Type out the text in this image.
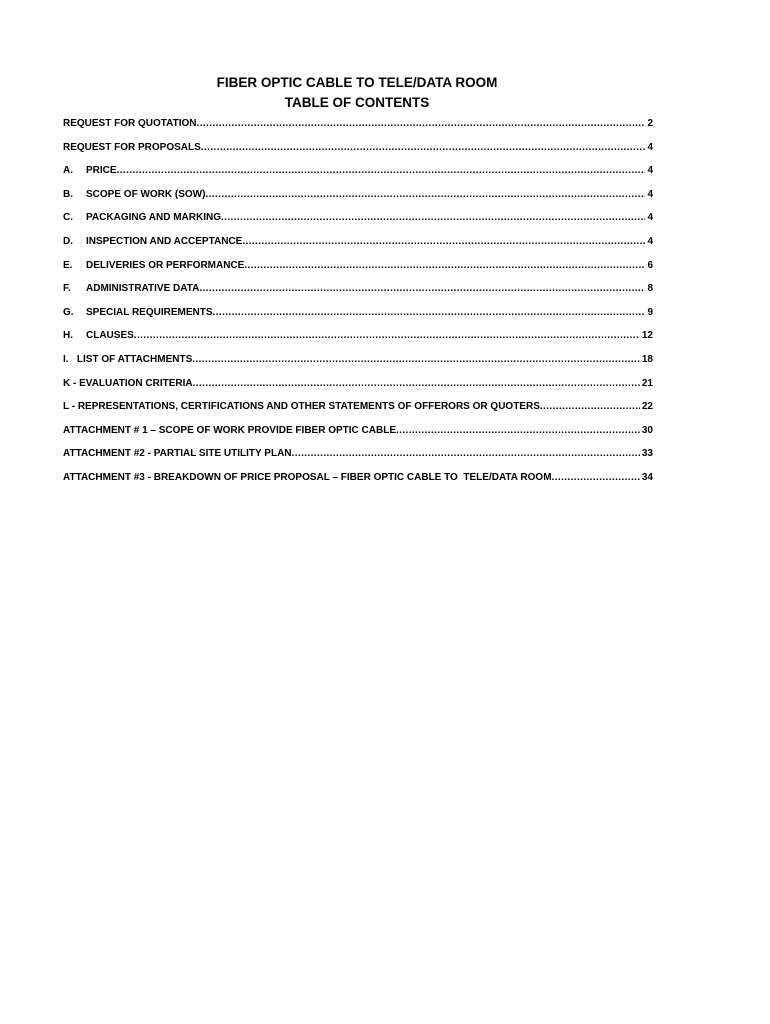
FIBER OPTIC CABLE TO TELE/DATA ROOM
TABLE OF CONTENTS
REQUEST FOR QUOTATION .....	2
REQUEST FOR PROPOSALS .....	4
A.	PRICE .....	4
B.	SCOPE OF WORK (SOW) .....	4
C.	PACKAGING AND MARKING .....	4
D.	INSPECTION AND ACCEPTANCE .....	4
E.	DELIVERIES OR PERFORMANCE .....	6
F.	ADMINISTRATIVE DATA .....	8
G.	SPECIAL REQUIREMENTS .....	9
H.	CLAUSES .....	12
I.   LIST OF ATTACHMENTS .....	18
K - EVALUATION CRITERIA .....	21
L - REPRESENTATIONS, CERTIFICATIONS AND OTHER STATEMENTS OF OFFERORS OR QUOTERS .....	22
ATTACHMENT # 1 – SCOPE OF WORK PROVIDE FIBER OPTIC CABLE .....	30
ATTACHMENT #2 - PARTIAL SITE UTILITY PLAN .....	33
ATTACHMENT #3 - BREAKDOWN OF PRICE PROPOSAL – FIBER OPTIC CABLE TO  TELE/DATA ROOM .....	34
